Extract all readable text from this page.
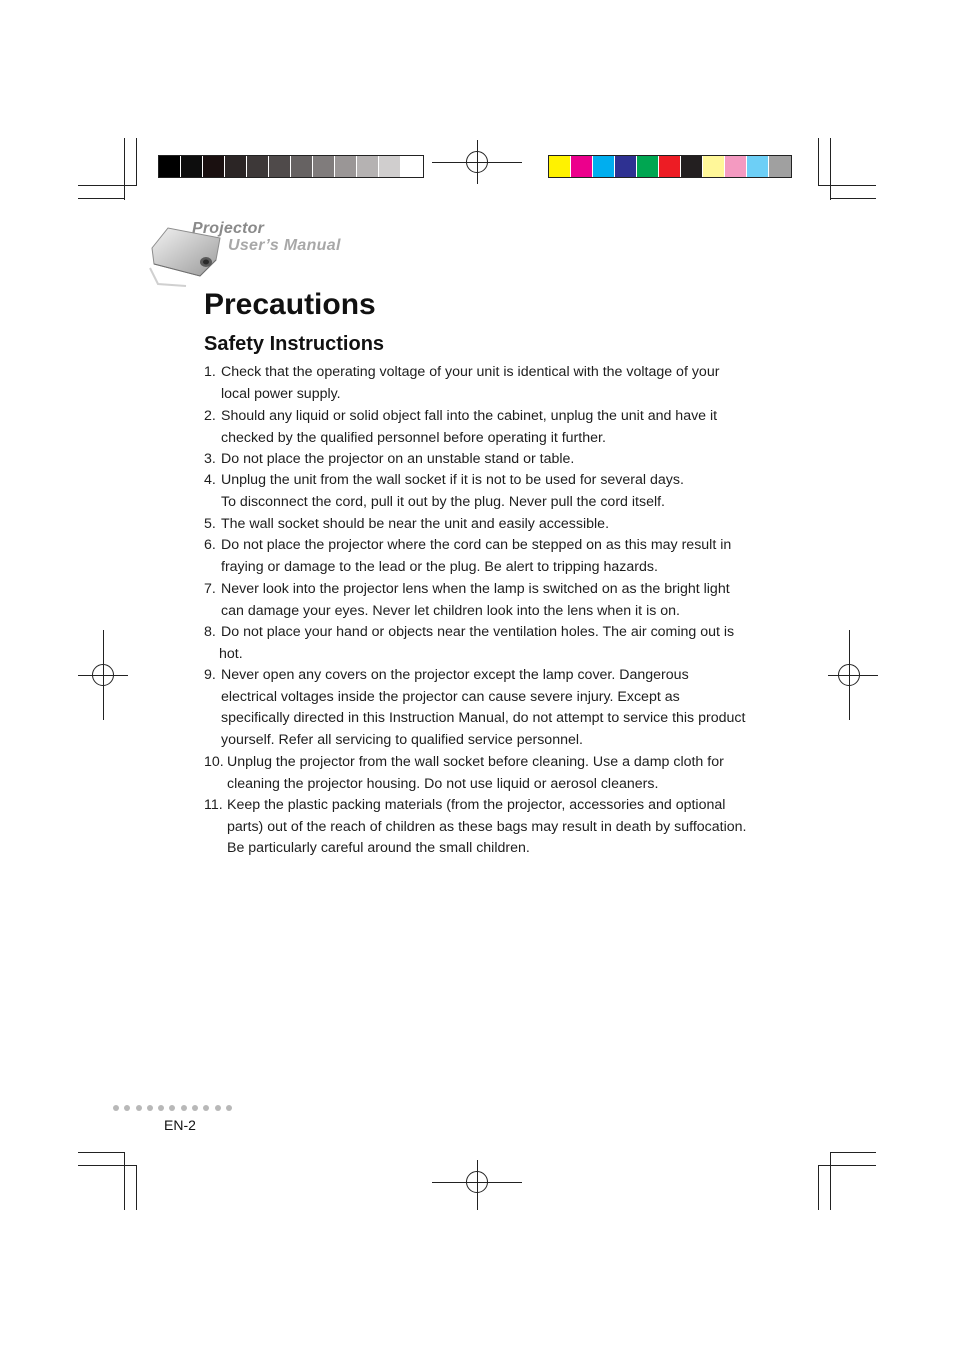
Projector
User’s Manual
Precautions
Safety Instructions
1. Check that the operating voltage of your unit is identical with the voltage of your
local power supply.
2. Should any liquid or solid object fall into the cabinet, unplug the unit and have it
checked by the qualified personnel before operating it further.
3. Do not place the projector on an unstable stand or table.
4. Unplug the unit from the wall socket if it is not to be used for several days.
To disconnect the cord, pull it out by the plug. Never pull the cord itself.
5. The wall socket should be near the unit and easily accessible.
6. Do not place the projector where the cord can be stepped on as this may result in
fraying or damage to the lead or the plug. Be alert to tripping hazards.
7. Never look into the projector lens when the lamp is switched on as the bright light
can damage your eyes. Never let children look into the lens when it is on.
8. Do not place your hand or objects near the ventilation holes. The air coming out is
hot.
9. Never open any covers on the projector except the lamp cover. Dangerous
electrical voltages inside the projector can cause severe injury. Except as
specifically directed in this Instruction Manual, do not attempt to service this product
yourself. Refer all servicing to qualified service personnel.
10. Unplug the projector from the wall socket before cleaning. Use a damp cloth for
cleaning the projector housing. Do not use liquid or aerosol cleaners.
11. Keep the plastic packing materials (from the projector, accessories and optional
parts) out of the reach of children as these bags may result in death by suffocation.
Be particularly careful around the small children.
EN-2
